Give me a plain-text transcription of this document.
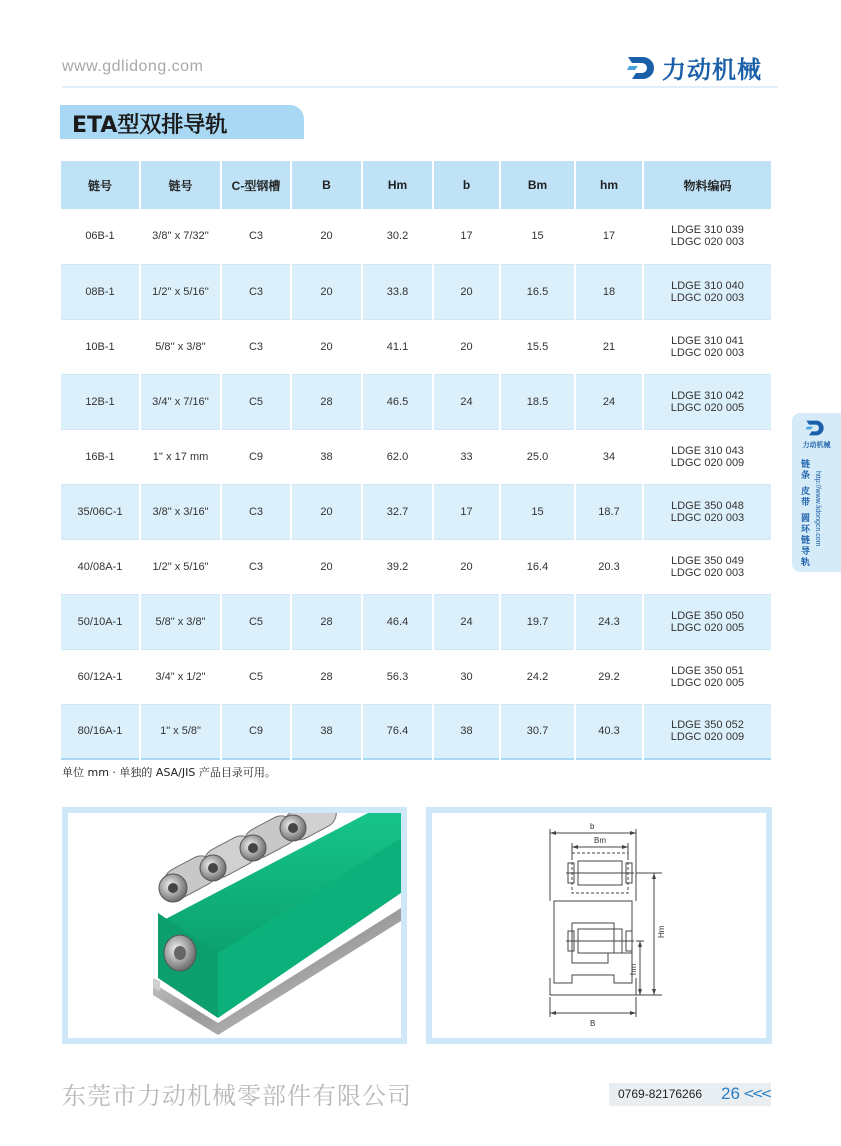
www.gdlidong.com	力动机械
ETA型双排导轨
链号	链号	C-型钢槽	B	Hm	b	Bm	hm	物料编码
06B-1	3/8'' x 7/32''	C3	20	30.2	17	15	17	LDGE 310 039
LDGC 020 003

08B-1	1/2'' x 5/16''	C3	20	33.8	20	16.5	18	LDGE 310 040
LDGC 020 003

10B-1	5/8'' x 3/8''	C3	20	41.1	20	15.5	21	LDGE 310 041
LDGC 020 003

12B-1	3/4'' x 7/16''	C5	28	46.5	24	18.5	24	LDGE 310 042
LDGC 020 005

16B-1	1'' x 17 mm	C9	38	62.0	33	25.0	34	LDGE 310 043
LDGC 020 009

35/06C-1	3/8" x 3/16"	C3	20	32.7	17	15	18.7	LDGE 350 048
LDGC 020 003

40/08A-1	1/2" x 5/16"	C3	20	39.2	20	16.4	20.3	LDGE 350 049
LDGC 020 003

50/10A-1	5/8" x 3/8"	C5	28	46.4	24	19.7	24.3	LDGE 350 050
LDGC 020 005

60/12A-1	3/4" x 1/2"	C5	28	56.3	30	24.2	29.2	LDGE 350 051
LDGC 020 005

80/16A-1	1" x 5/8"	C9	38	76.4	38	30.7	40.3	LDGE 350 052
LDGC 020 009
单位 mm · 单独的 ASA/JIS 产品目录可用。
b
Bm
Hm
hm
B
力动机械
链条 皮带 圆环链导轨 http://www.lidongcn.com
东莞市力动机械零部件有限公司	0769-82176266 26 <<<
